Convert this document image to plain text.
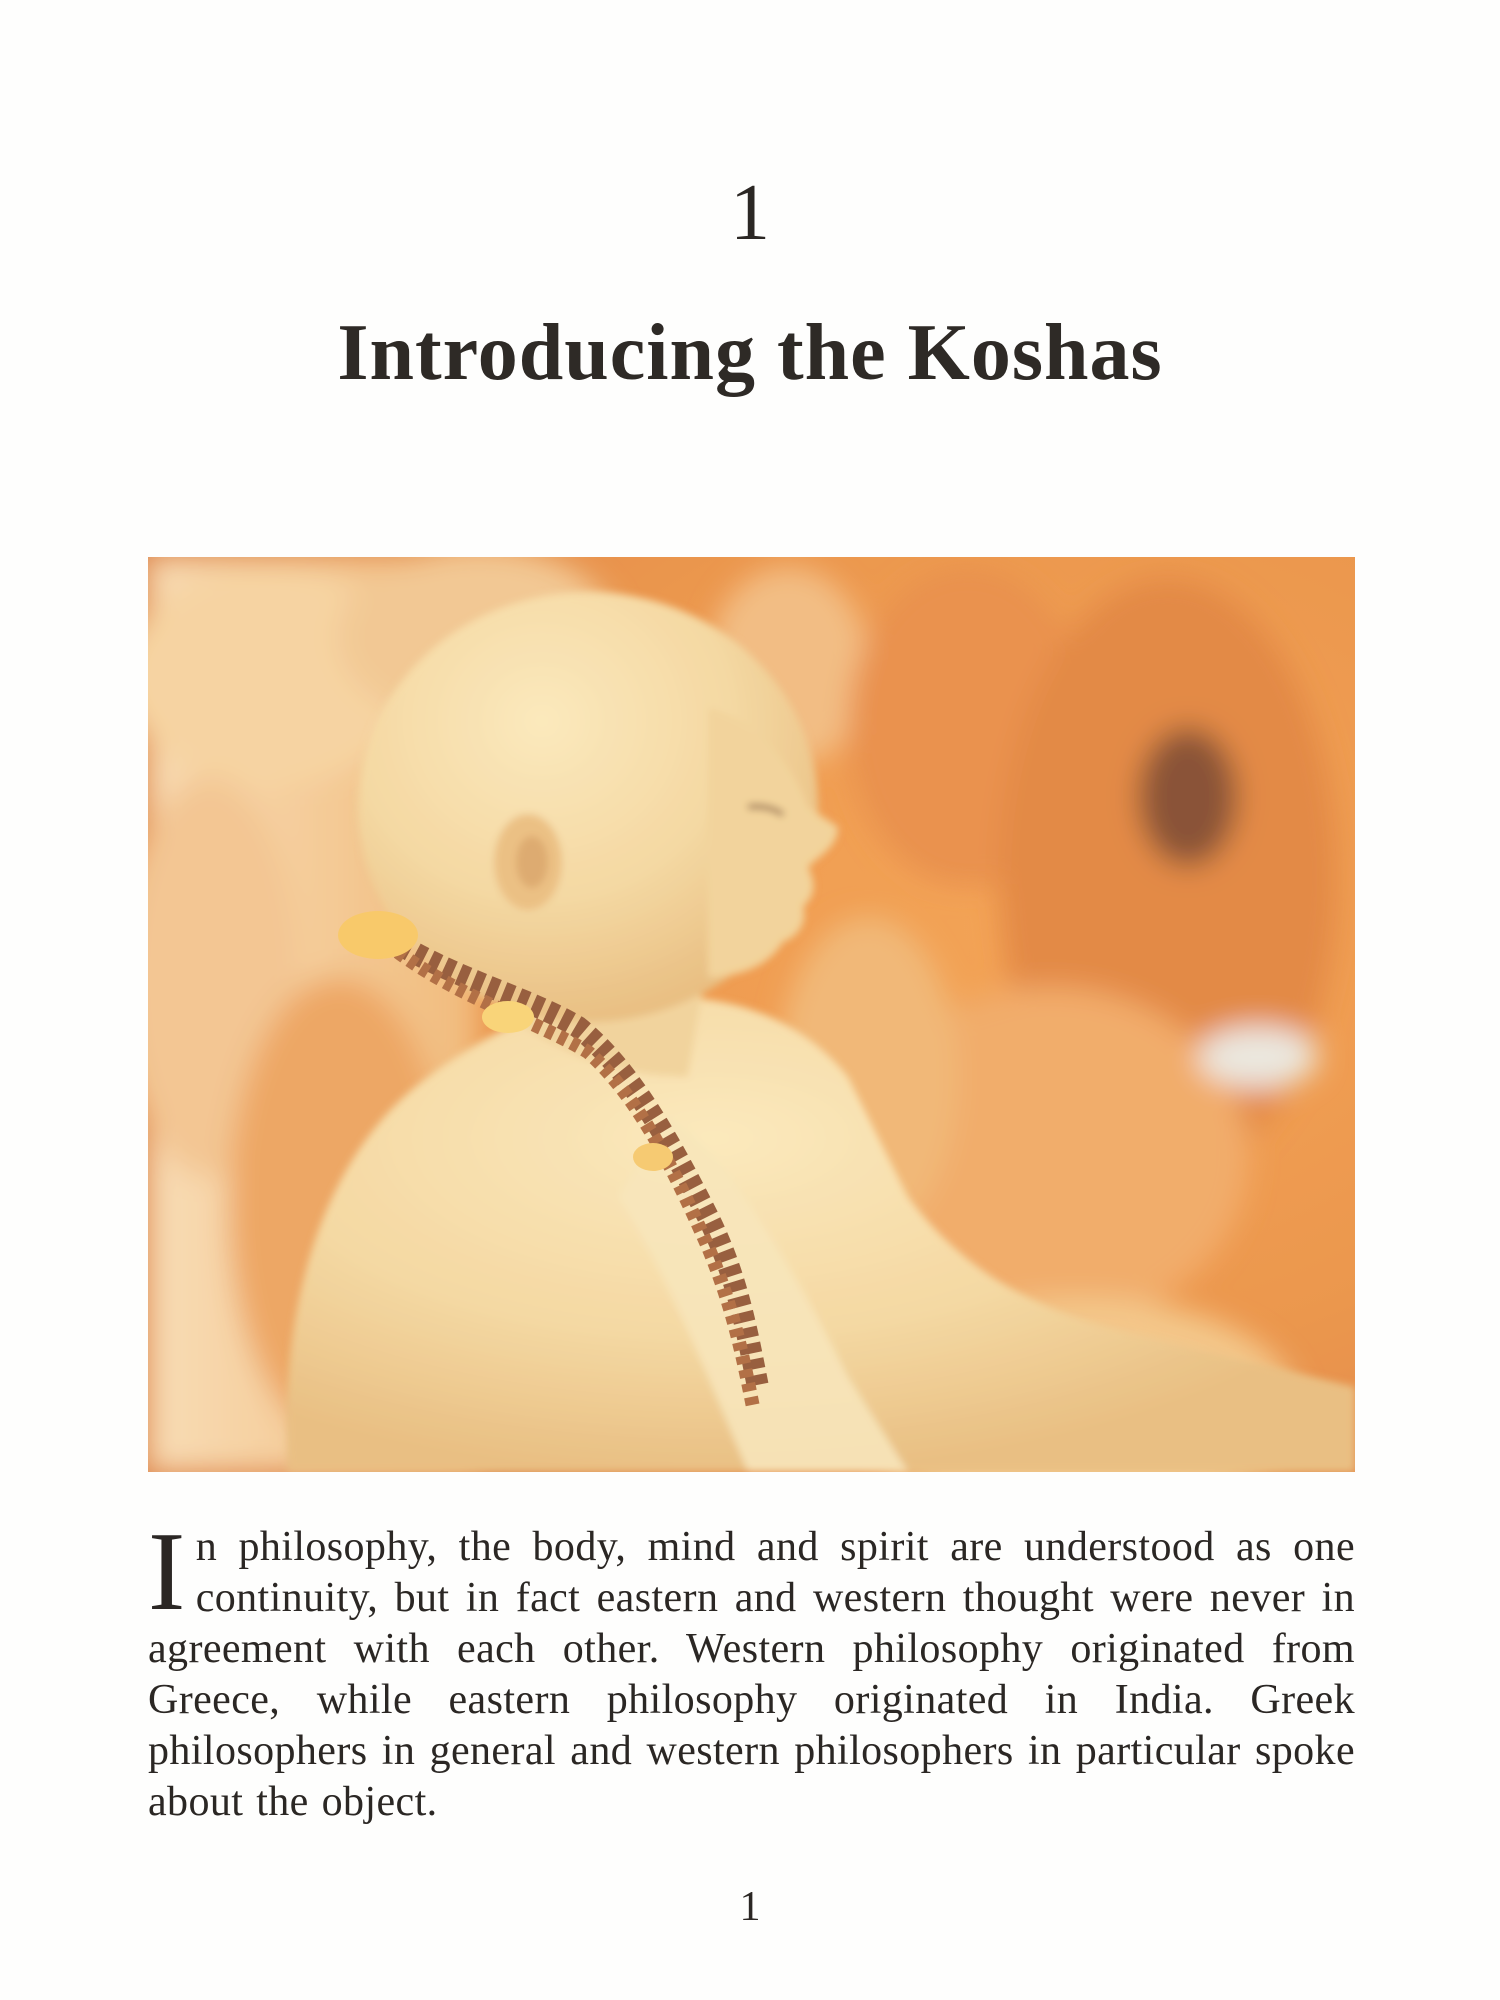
1
Introducing the Koshas
In philosophy, the body, mind and spirit are understood as one continuity, but in fact eastern and western thought were never in agreement with each other. Western philosophy originated from Greece, while eastern philosophy originated in India. Greek philosophers in general and western philosophers in particular spoke about the object.
1
